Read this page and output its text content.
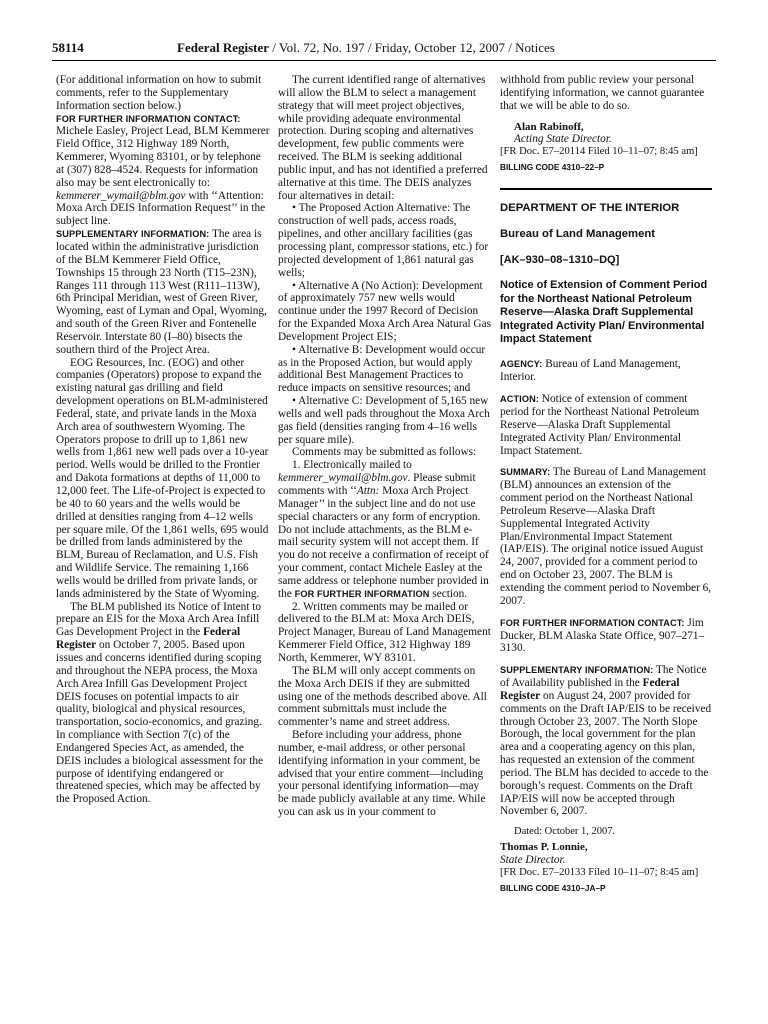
58114	Federal Register / Vol. 72, No. 197 / Friday, October 12, 2007 / Notices

(For additional information on how to submit comments, refer to the Supplementary Information section below.)

FOR FURTHER INFORMATION CONTACT: Michele Easley, Project Lead, BLM Kemmerer Field Office, 312 Highway 189 North, Kemmerer, Wyoming 83101, or by telephone at (307) 828–4524. Requests for information also may be sent electronically to: kemmerer_wymail@blm.gov with ‘‘Attention: Moxa Arch DEIS Information Request’’ in the subject line.

SUPPLEMENTARY INFORMATION: The area is located within the administrative jurisdiction of the BLM Kemmerer Field Office, Townships 15 through 23 North (T15–23N), Ranges 111 through 113 West (R111–113W), 6th Principal Meridian, west of Green River, Wyoming, east of Lyman and Opal, Wyoming, and south of the Green River and Fontenelle Reservoir. Interstate 80 (I–80) bisects the southern third of the Project Area.

EOG Resources, Inc. (EOG) and other companies (Operators) propose to expand the existing natural gas drilling and field development operations on BLM-administered Federal, state, and private lands in the Moxa Arch area of southwestern Wyoming. The Operators propose to drill up to 1,861 new wells from 1,861 new well pads over a 10-year period. Wells would be drilled to the Frontier and Dakota formations at depths of 11,000 to 12,000 feet. The Life-of-Project is expected to be 40 to 60 years and the wells would be drilled at densities ranging from 4–12 wells per square mile. Of the 1,861 wells, 695 would be drilled from lands administered by the BLM, Bureau of Reclamation, and U.S. Fish and Wildlife Service. The remaining 1,166 wells would be drilled from private lands, or lands administered by the State of Wyoming.

The BLM published its Notice of Intent to prepare an EIS for the Moxa Arch Area Infill Gas Development Project in the Federal Register on October 7, 2005. Based upon issues and concerns identified during scoping and throughout the NEPA process, the Moxa Arch Area Infill Gas Development Project DEIS focuses on potential impacts to air quality, biological and physical resources, transportation, socio-economics, and grazing. In compliance with Section 7(c) of the Endangered Species Act, as amended, the DEIS includes a biological assessment for the purpose of identifying endangered or threatened species, which may be affected by the Proposed Action.

The current identified range of alternatives will allow the BLM to select a management strategy that will meet project objectives, while providing adequate environmental protection. During scoping and alternatives development, few public comments were received. The BLM is seeking additional public input, and has not identified a preferred alternative at this time. The DEIS analyzes four alternatives in detail:

• The Proposed Action Alternative: The construction of well pads, access roads, pipelines, and other ancillary facilities (gas processing plant, compressor stations, etc.) for projected development of 1,861 natural gas wells;

• Alternative A (No Action): Development of approximately 757 new wells would continue under the 1997 Record of Decision for the Expanded Moxa Arch Area Natural Gas Development Project EIS;

• Alternative B: Development would occur as in the Proposed Action, but would apply additional Best Management Practices to reduce impacts on sensitive resources; and

• Alternative C: Development of 5,165 new wells and well pads throughout the Moxa Arch gas field (densities ranging from 4–16 wells per square mile).

Comments may be submitted as follows:

1. Electronically mailed to kemmerer_wymail@blm.gov. Please submit comments with ‘‘Attn: Moxa Arch Project Manager’’ in the subject line and do not use special characters or any form of encryption. Do not include attachments, as the BLM e-mail security system will not accept them. If you do not receive a confirmation of receipt of your comment, contact Michele Easley at the same address or telephone number provided in the FOR FURTHER INFORMATION section.

2. Written comments may be mailed or delivered to the BLM at: Moxa Arch DEIS, Project Manager, Bureau of Land Management Kemmerer Field Office, 312 Highway 189 North, Kemmerer, WY 83101.

The BLM will only accept comments on the Moxa Arch DEIS if they are submitted using one of the methods described above. All comment submittals must include the commenter’s name and street address.

Before including your address, phone number, e-mail address, or other personal identifying information in your comment, be advised that your entire comment—including your personal identifying information—may be made publicly available at any time. While you can ask us in your comment to

withhold from public review your personal identifying information, we cannot guarantee that we will be able to do so.

Alan Rabinoff,

Acting State Director.

[FR Doc. E7–20114 Filed 10–11–07; 8:45 am]

BILLING CODE 4310–22–P

DEPARTMENT OF THE INTERIOR

Bureau of Land Management

[AK–930–08–1310–DQ]

Notice of Extension of Comment Period for the Northeast National Petroleum Reserve—Alaska Draft Supplemental Integrated Activity Plan/ Environmental Impact Statement

AGENCY: Bureau of Land Management, Interior.

ACTION: Notice of extension of comment period for the Northeast National Petroleum Reserve—Alaska Draft Supplemental Integrated Activity Plan/ Environmental Impact Statement.

SUMMARY: The Bureau of Land Management (BLM) announces an extension of the comment period on the Northeast National Petroleum Reserve—Alaska Draft Supplemental Integrated Activity Plan/Environmental Impact Statement (IAP/EIS). The original notice issued August 24, 2007, provided for a comment period to end on October 23, 2007. The BLM is extending the comment period to November 6, 2007.

FOR FURTHER INFORMATION CONTACT: Jim Ducker, BLM Alaska State Office, 907–271–3130.

SUPPLEMENTARY INFORMATION: The Notice of Availability published in the Federal Register on August 24, 2007 provided for comments on the Draft IAP/EIS to be received through October 23, 2007. The North Slope Borough, the local government for the plan area and a cooperating agency on this plan, has requested an extension of the comment period. The BLM has decided to accede to the borough’s request. Comments on the Draft IAP/EIS will now be accepted through November 6, 2007.

Dated: October 1, 2007.

Thomas P. Lonnie,

State Director.

[FR Doc. E7–20133 Filed 10–11–07; 8:45 am]

BILLING CODE 4310–JA–P
